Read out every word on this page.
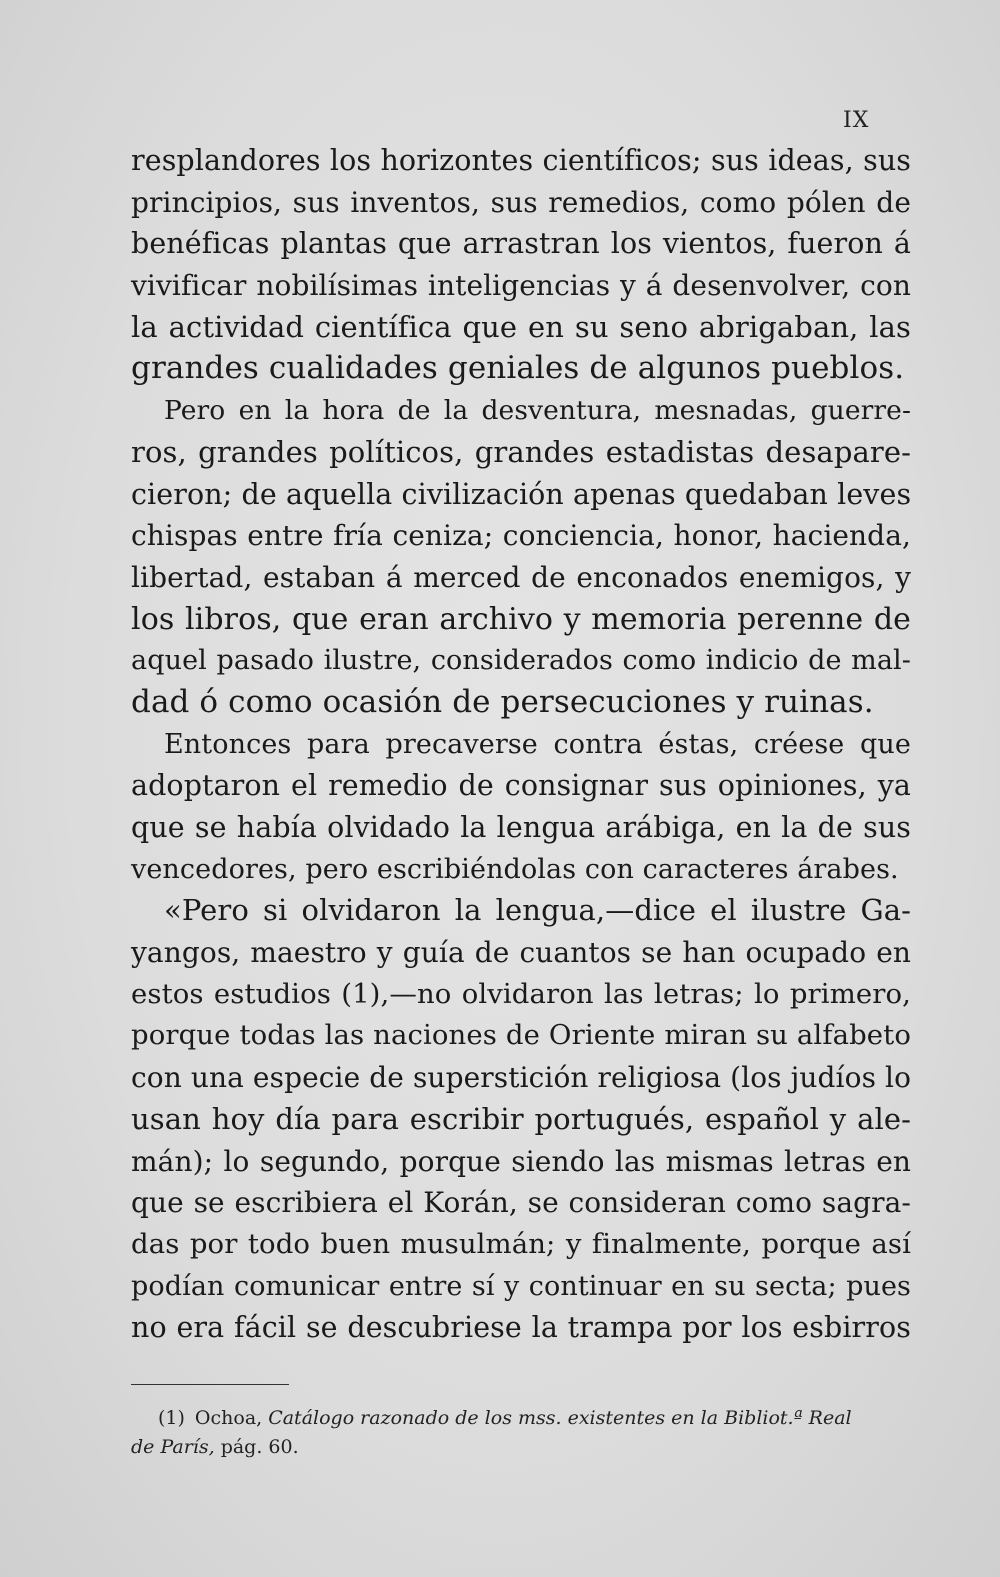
IX
resplandores los horizontes científicos; sus ideas, sus
principios, sus inventos, sus remedios, como pólen de
benéficas plantas que arrastran los vientos, fueron á
vivificar nobilísimas inteligencias y á desenvolver, con
la actividad científica que en su seno abrigaban, las
grandes cualidades geniales de algunos pueblos.
Pero en la hora de la desventura, mesnadas, guerre-
ros, grandes políticos, grandes estadistas desapare-
cieron; de aquella civilización apenas quedaban leves
chispas entre fría ceniza; conciencia, honor, hacienda,
libertad, estaban á merced de enconados enemigos, y
los libros, que eran archivo y memoria perenne de
aquel pasado ilustre, considerados como indicio de mal-
dad ó como ocasión de persecuciones y ruinas.
Entonces para precaverse contra éstas, créese que
adoptaron el remedio de consignar sus opiniones, ya
que se había olvidado la lengua arábiga, en la de sus
vencedores, pero escribiéndolas con caracteres árabes.
«Pero si olvidaron la lengua,—dice el ilustre Ga-
yangos, maestro y guía de cuantos se han ocupado en
estos estudios (1),—no olvidaron las letras; lo primero,
porque todas las naciones de Oriente miran su alfabeto
con una especie de superstición religiosa (los judíos lo
usan hoy día para escribir portugués, español y ale-
mán); lo segundo, porque siendo las mismas letras en
que se escribiera el Korán, se consideran como sagra-
das por todo buen musulmán; y finalmente, porque así
podían comunicar entre sí y continuar en su secta; pues
no era fácil se descubriese la trampa por los esbirros
(1) Ochoa, Catálogo razonado de los mss. existentes en la Bibliot.ª Real
de París, pág. 60.
